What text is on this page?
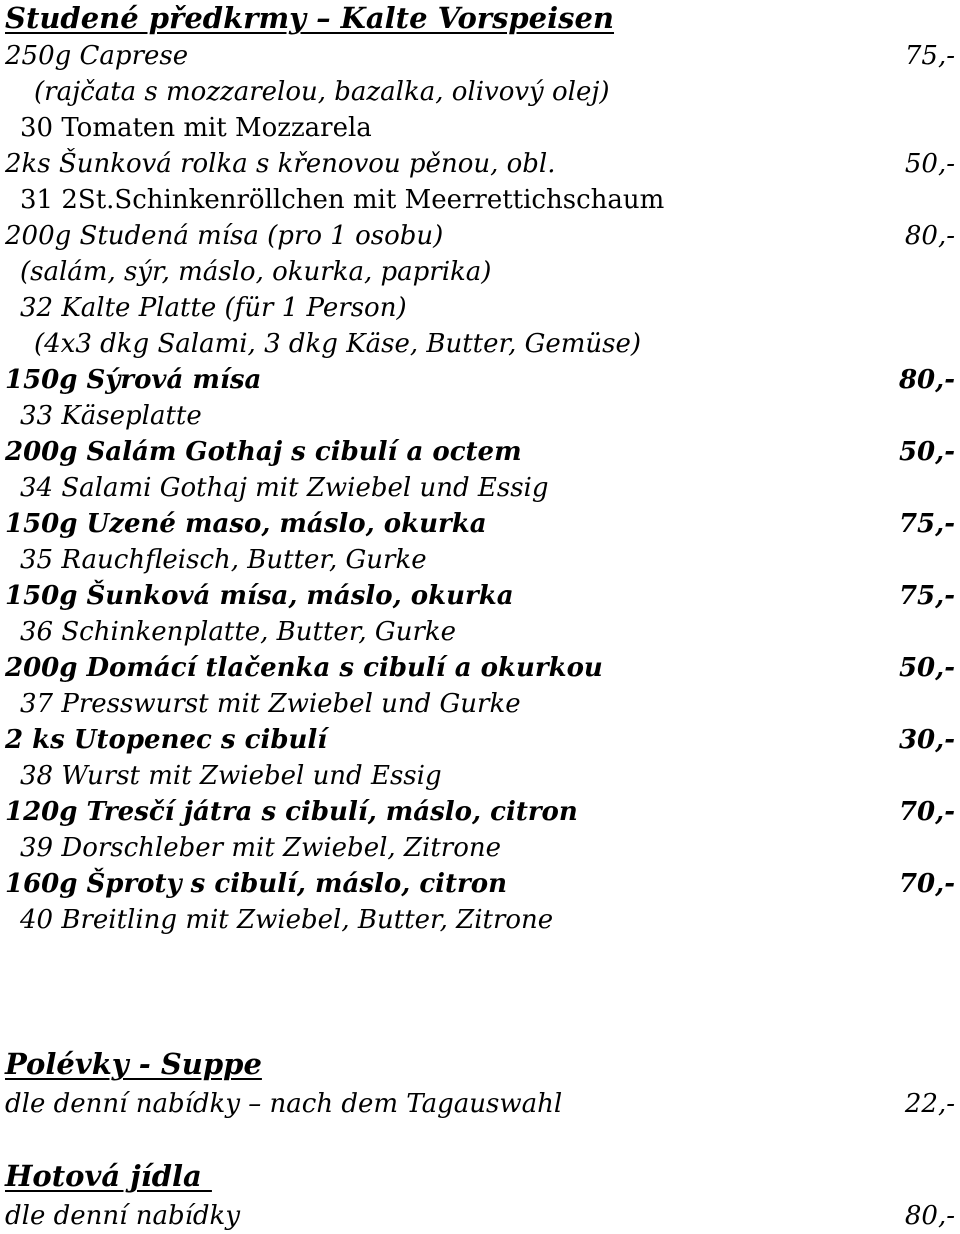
Studené předkrmy – Kalte Vorspeisen
250g Caprese	75,-
(rajčata s mozzarelou, bazalka, olivový olej)
30 Tomaten mit Mozzarela
2ks Šunková rolka s křenovou pěnou, obl.	50,-
31 2St.Schinkenröllchen mit Meerrettichschaum
200g Studená mísa (pro 1 osobu)	80,-
(salám, sýr, máslo, okurka, paprika)
32 Kalte Platte (für 1 Person)
(4x3 dkg Salami, 3 dkg Käse, Butter, Gemüse)
150g Sýrová mísa	80,-
33 Käseplatte
200g Salám Gothaj s cibulí a octem	50,-
34 Salami Gothaj mit Zwiebel und Essig
150g Uzené maso, máslo, okurka	75,-
35 Rauchfleisch, Butter, Gurke
150g Šunková mísa, máslo, okurka	75,-
36 Schinkenplatte, Butter, Gurke
200g Domácí tlačenka s cibulí a okurkou	50,-
37 Presswurst mit Zwiebel und Gurke
2 ks Utopenec s cibulí	30,-
38 Wurst mit Zwiebel und Essig
120g Tresčí játra s cibulí, máslo, citron	70,-
39 Dorschleber mit Zwiebel, Zitrone
160g Šproty s cibulí, máslo, citron	70,-
40 Breitling mit Zwiebel, Butter, Zitrone
Polévky - Suppe
dle denní nabídky – nach dem Tagauswahl	22,-
Hotová jídla
dle denní nabídky	80,-
